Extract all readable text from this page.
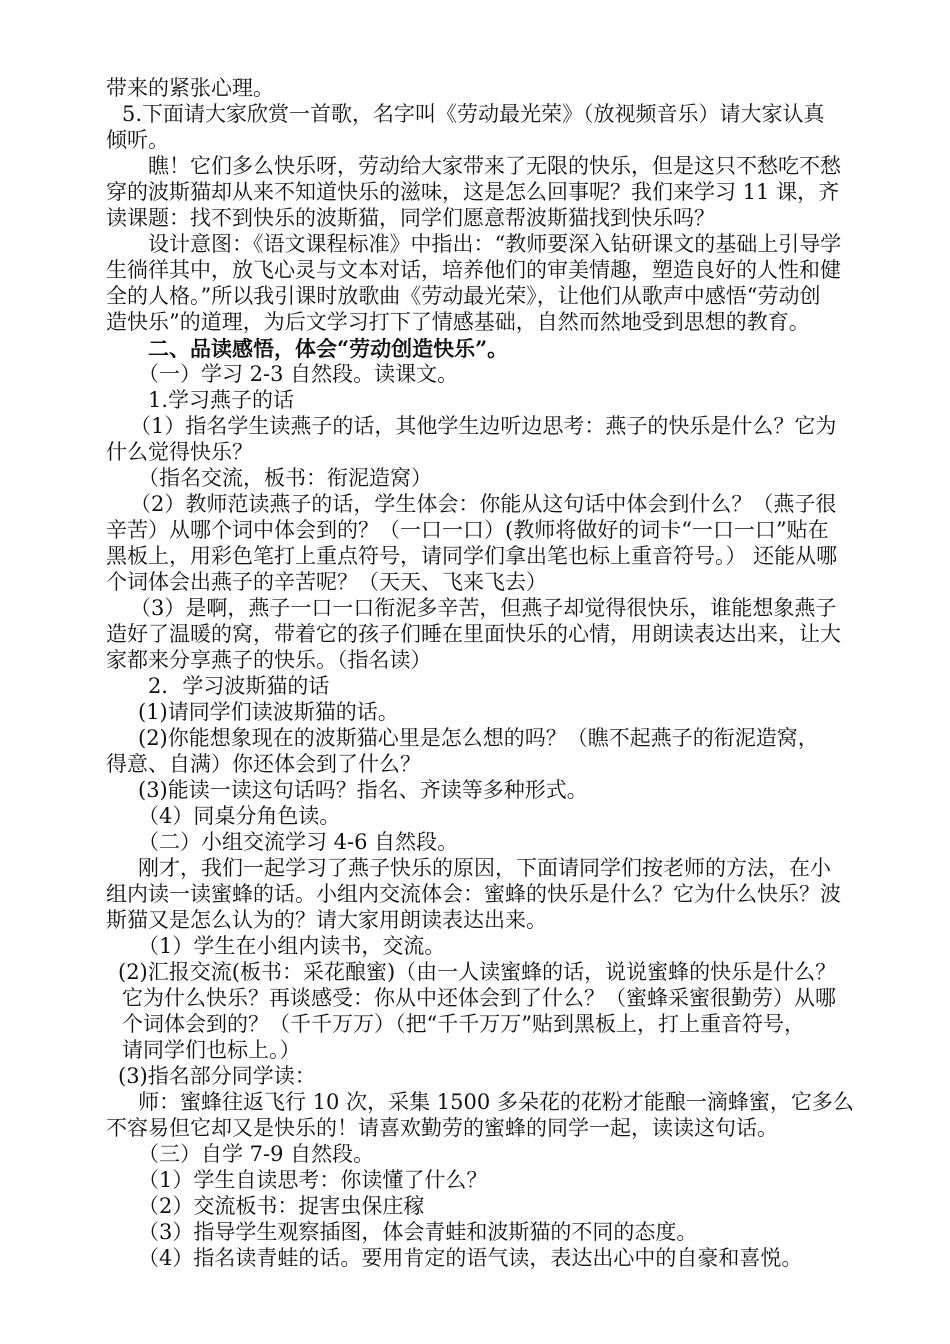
带来的紧张心理。
5.下面请大家欣赏一首歌，名字叫《劳动最光荣》（放视频音乐）请大家认真
倾听。
瞧！它们多么快乐呀，劳动给大家带来了无限的快乐，但是这只不愁吃不愁
穿的波斯猫却从来不知道快乐的滋味，这是怎么回事呢？我们来学习 11 课，齐
读课题：找不到快乐的波斯猫，同学们愿意帮波斯猫找到快乐吗？
设计意图：《语文课程标准》中指出：“教师要深入钻研课文的基础上引导学
生徜徉其中，放飞心灵与文本对话，培养他们的审美情趣，塑造良好的人性和健
全的人格。”所以我引课时放歌曲《劳动最光荣》，让他们从歌声中感悟“劳动创
造快乐”的道理，为后文学习打下了情感基础，自然而然地受到思想的教育。
二、品读感悟，体会“劳动创造快乐”。
（一）学习 2-3 自然段。读课文。
1.学习燕子的话
（1）指名学生读燕子的话，其他学生边听边思考：燕子的快乐是什么？它为
什么觉得快乐？
（指名交流，板书：衔泥造窝）
（2）教师范读燕子的话，学生体会：你能从这句话中体会到什么？（燕子很
辛苦）从哪个词中体会到的？（一口一口）(教师将做好的词卡“一口一口”贴在
黑板上，用彩色笔打上重点符号，请同学们拿出笔也标上重音符号。） 还能从哪
个词体会出燕子的辛苦呢？（天天、飞来飞去）
（3）是啊，燕子一口一口衔泥多辛苦，但燕子却觉得很快乐，谁能想象燕子
造好了温暖的窝，带着它的孩子们睡在里面快乐的心情，用朗读表达出来，让大
家都来分享燕子的快乐。（指名读）
2．学习波斯猫的话
(1)请同学们读波斯猫的话。
(2)你能想象现在的波斯猫心里是怎么想的吗？（瞧不起燕子的衔泥造窝，
得意、自满）你还体会到了什么？
(3)能读一读这句话吗？指名、齐读等多种形式。
（4）同桌分角色读。
（二）小组交流学习 4-6 自然段。
刚才，我们一起学习了燕子快乐的原因，下面请同学们按老师的方法，在小
组内读一读蜜蜂的话。小组内交流体会：蜜蜂的快乐是什么？它为什么快乐？波
斯猫又是怎么认为的？请大家用朗读表达出来。
（1）学生在小组内读书，交流。
(2)汇报交流(板书：采花酿蜜)（由一人读蜜蜂的话，说说蜜蜂的快乐是什么？
它为什么快乐？再谈感受：你从中还体会到了什么？（蜜蜂采蜜很勤劳）从哪
个词体会到的？（千千万万）（把“千千万万”贴到黑板上，打上重音符号，
请同学们也标上。）
(3)指名部分同学读：
师：蜜蜂往返飞行 10 次，采集 1500 多朵花的花粉才能酿一滴蜂蜜，它多么
不容易但它却又是快乐的！请喜欢勤劳的蜜蜂的同学一起，读读这句话。
（三）自学 7-9 自然段。
（1）学生自读思考：你读懂了什么？
（2）交流板书：捉害虫保庄稼
（3）指导学生观察插图，体会青蛙和波斯猫的不同的态度。
（4）指名读青蛙的话。要用肯定的语气读，表达出心中的自豪和喜悦。
